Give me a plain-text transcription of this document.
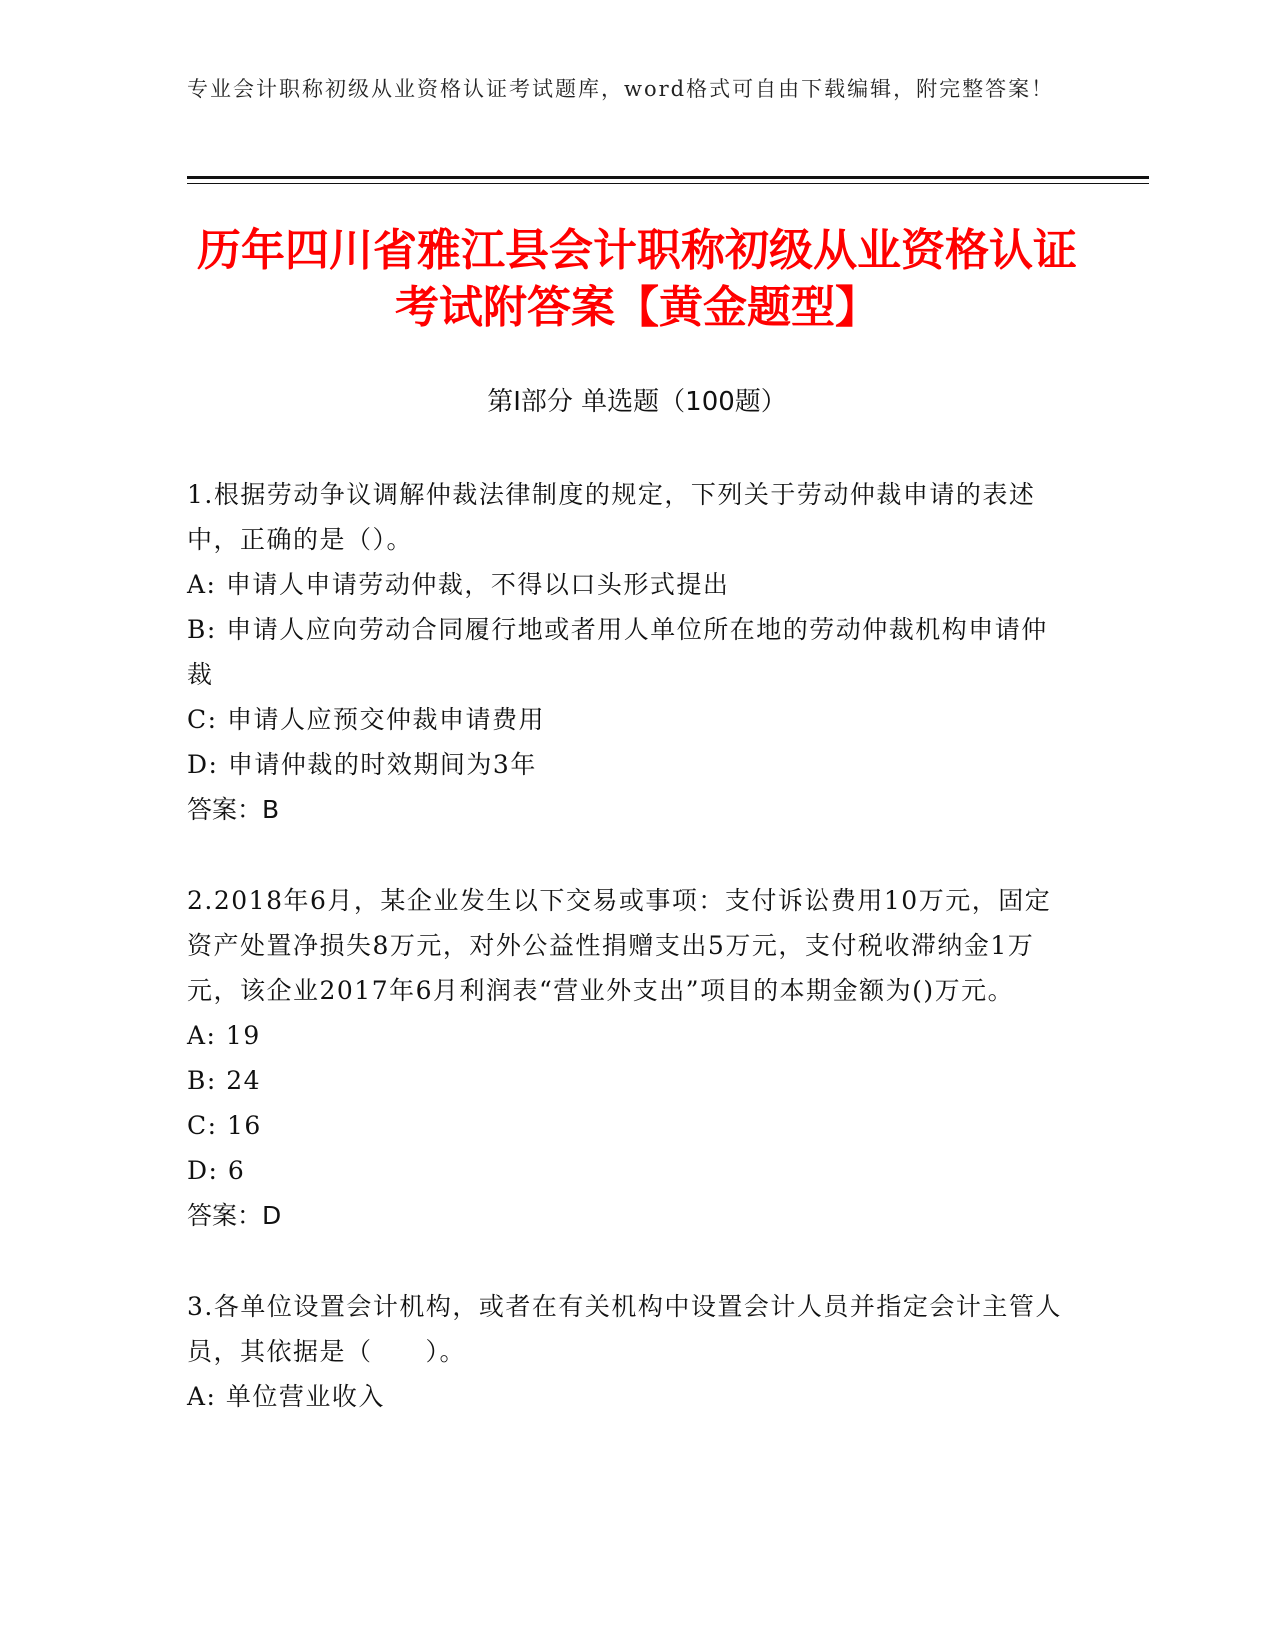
专业会计职称初级从业资格认证考试题库，word格式可自由下载编辑，附完整答案！
历年四川省雅江县会计职称初级从业资格认证考试附答案【黄金题型】
第Ⅰ部分 单选题（100题）
1.根据劳动争议调解仲裁法律制度的规定，下列关于劳动仲裁申请的表述中，正确的是（）。
A: 申请人申请劳动仲裁，不得以口头形式提出
B: 申请人应向劳动合同履行地或者用人单位所在地的劳动仲裁机构申请仲裁
C: 申请人应预交仲裁申请费用
D: 申请仲裁的时效期间为3年
答案：B
2.2018年6月，某企业发生以下交易或事项：支付诉讼费用10万元，固定资产处置净损失8万元，对外公益性捐赠支出5万元，支付税收滞纳金1万元，该企业2017年6月利润表“营业外支出”项目的本期金额为()万元。
A: 19
B: 24
C: 16
D: 6
答案：D
3.各单位设置会计机构，或者在有关机构中设置会计人员并指定会计主管人员，其依据是（　　）。
A: 单位营业收入
